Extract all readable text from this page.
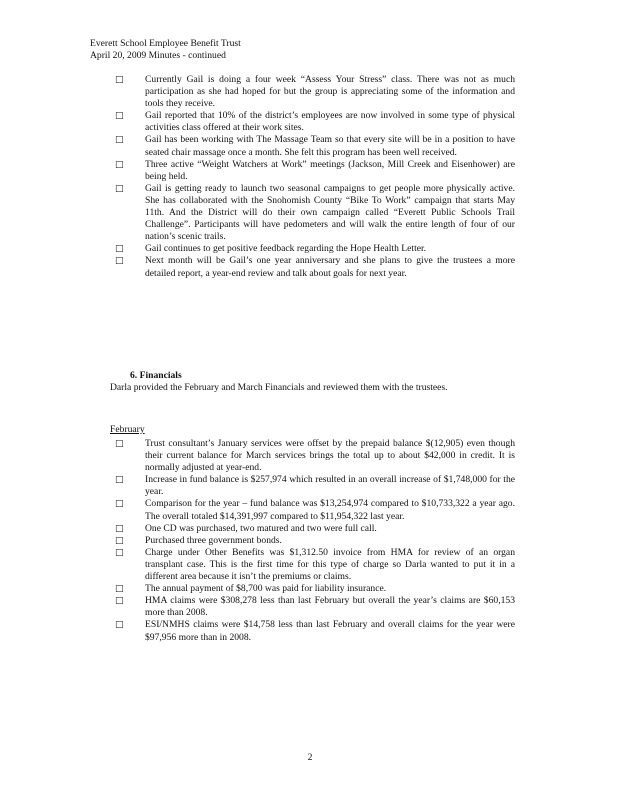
Everett School Employee Benefit Trust
April 20, 2009 Minutes - continued
□ Currently Gail is doing a four week “Assess Your Stress” class. There was not as much participation as she had hoped for but the group is appreciating some of the information and tools they receive.
□ Gail reported that 10% of the district’s employees are now involved in some type of physical activities class offered at their work sites.
□ Gail has been working with The Massage Team so that every site will be in a position to have seated chair massage once a month. She felt this program has been well received.
□ Three active “Weight Watchers at Work” meetings (Jackson, Mill Creek and Eisenhower) are being held.
□ Gail is getting ready to launch two seasonal campaigns to get people more physically active. She has collaborated with the Snohomish County “Bike To Work” campaign that starts May 11th. And the District will do their own campaign called “Everett Public Schools Trail Challenge”. Participants will have pedometers and will walk the entire length of four of our nation’s scenic trails.
□ Gail continues to get positive feedback regarding the Hope Health Letter.
□ Next month will be Gail’s one year anniversary and she plans to give the trustees a more detailed report, a year-end review and talk about goals for next year.
6. Financials
Darla provided the February and March Financials and reviewed them with the trustees.
February
□ Trust consultant’s January services were offset by the prepaid balance $(12,905) even though their current balance for March services brings the total up to about $42,000 in credit. It is normally adjusted at year-end.
□ Increase in fund balance is $257,974 which resulted in an overall increase of $1,748,000 for the year.
□ Comparison for the year – fund balance was $13,254,974 compared to $10,733,322 a year ago. The overall totaled $14,391,997 compared to $11,954,322 last year.
□ One CD was purchased, two matured and two were full call.
□ Purchased three government bonds.
□ Charge under Other Benefits was $1,312.50 invoice from HMA for review of an organ transplant case. This is the first time for this type of charge so Darla wanted to put it in a different area because it isn’t the premiums or claims.
□ The annual payment of $8,700 was paid for liability insurance.
□ HMA claims were $308,278 less than last February but overall the year’s claims are $60,153 more than 2008.
□ ESI/NMHS claims were $14,758 less than last February and overall claims for the year were $97,956 more than in 2008.
2
